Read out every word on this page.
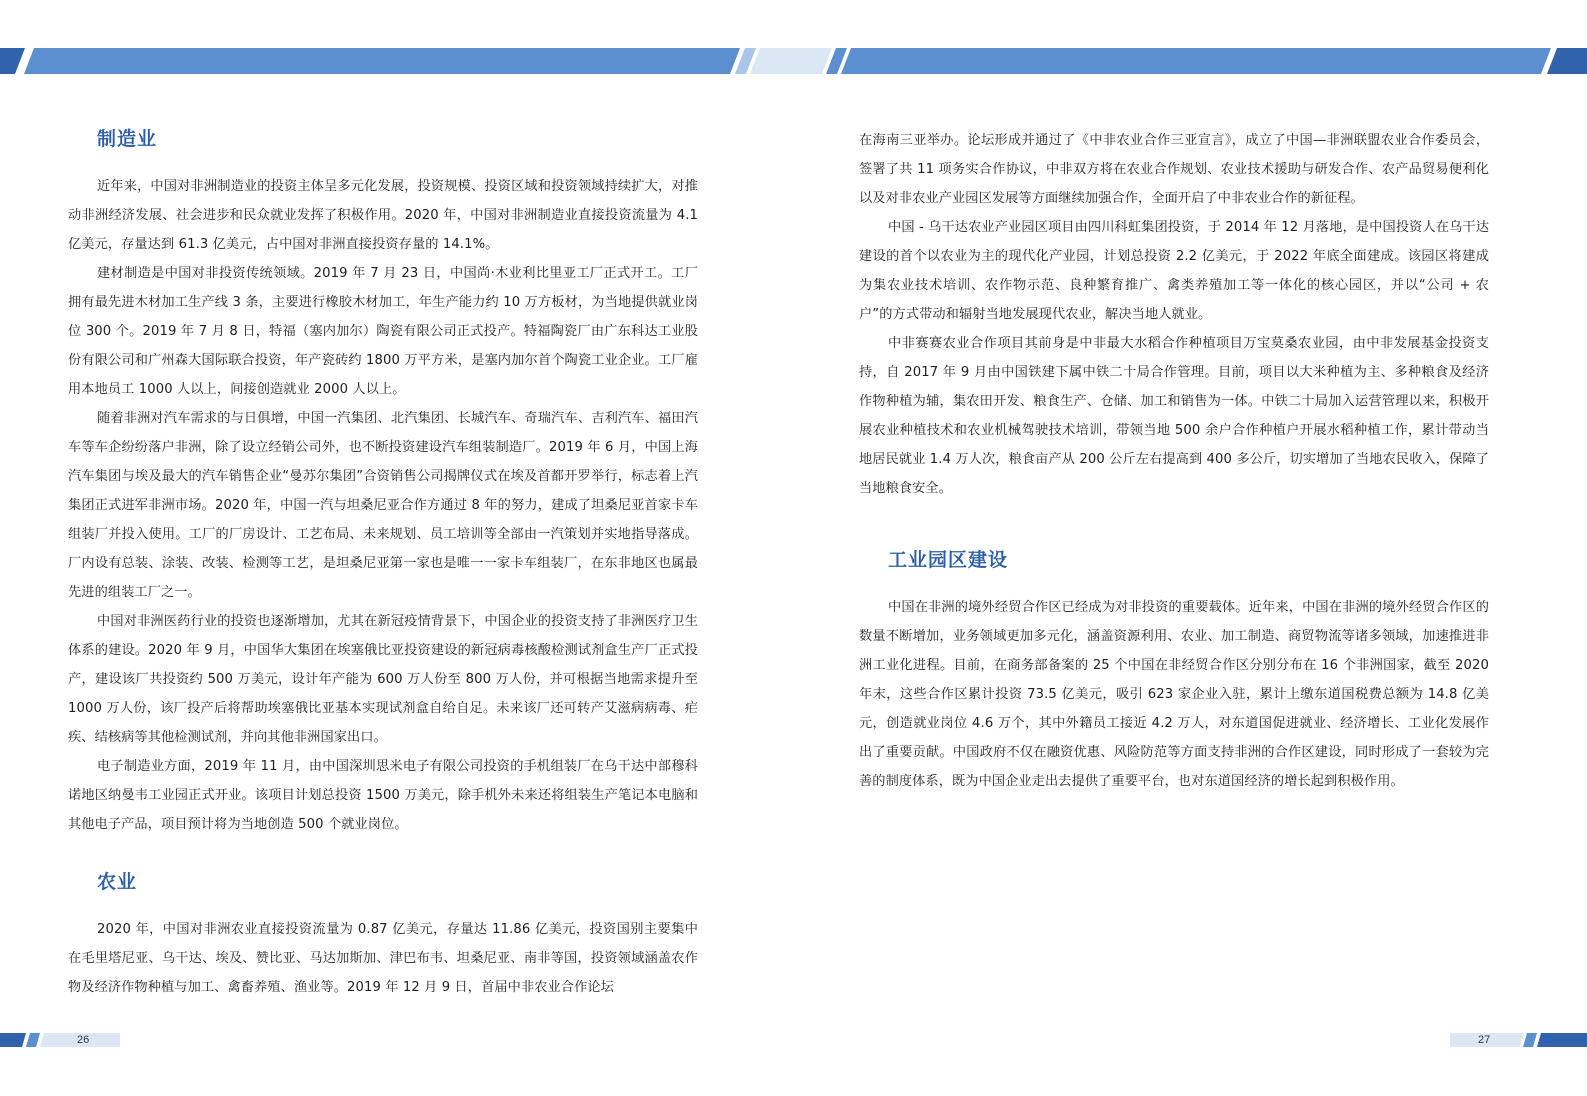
制造业

近年来，中国对非洲制造业的投资主体呈多元化发展，投资规模、投资区域和投资领域持续扩大，对推动非洲经济发展、社会进步和民众就业发挥了积极作用。2020 年，中国对非洲制造业直接投资流量为 4.1 亿美元，存量达到 61.3 亿美元，占中国对非洲直接投资存量的 14.1%。

建材制造是中国对非投资传统领域。2019 年 7 月 23 日，中国尚·木业利比里亚工厂正式开工。工厂拥有最先进木材加工生产线 3 条，主要进行橡胶木材加工，年生产能力约 10 万方板材，为当地提供就业岗位 300 个。2019 年 7 月 8 日，特福（塞内加尔）陶瓷有限公司正式投产。特福陶瓷厂由广东科达工业股份有限公司和广州森大国际联合投资，年产瓷砖约 1800 万平方米，是塞内加尔首个陶瓷工业企业。工厂雇用本地员工 1000 人以上，间接创造就业 2000 人以上。

随着非洲对汽车需求的与日俱增，中国一汽集团、北汽集团、长城汽车、奇瑞汽车、吉利汽车、福田汽车等车企纷纷落户非洲，除了设立经销公司外，也不断投资建设汽车组装制造厂。2019 年 6 月，中国上海汽车集团与埃及最大的汽车销售企业“曼苏尔集团”合资销售公司揭牌仪式在埃及首都开罗举行，标志着上汽集团正式进军非洲市场。2020 年，中国一汽与坦桑尼亚合作方通过 8 年的努力，建成了坦桑尼亚首家卡车组装厂并投入使用。工厂的厂房设计、工艺布局、未来规划、员工培训等全部由一汽策划并实地指导落成。厂内设有总装、涂装、改装、检测等工艺，是坦桑尼亚第一家也是唯一一家卡车组装厂，在东非地区也属最先进的组装工厂之一。

中国对非洲医药行业的投资也逐渐增加，尤其在新冠疫情背景下，中国企业的投资支持了非洲医疗卫生体系的建设。2020 年 9 月，中国华大集团在埃塞俄比亚投资建设的新冠病毒核酸检测试剂盒生产厂正式投产，建设该厂共投资约 500 万美元，设计年产能为 600 万人份至 800 万人份，并可根据当地需求提升至 1000 万人份，该厂投产后将帮助埃塞俄比亚基本实现试剂盒自给自足。未来该厂还可转产艾滋病病毒、疟疾、结核病等其他检测试剂，并向其他非洲国家出口。

电子制造业方面，2019 年 11 月，由中国深圳思米电子有限公司投资的手机组装厂在乌干达中部穆科诺地区纳曼韦工业园正式开业。该项目计划总投资 1500 万美元，除手机外未来还将组装生产笔记本电脑和其他电子产品，项目预计将为当地创造 500 个就业岗位。

农业

2020 年，中国对非洲农业直接投资流量为 0.87 亿美元，存量达 11.86 亿美元，投资国别主要集中在毛里塔尼亚、乌干达、埃及、赞比亚、马达加斯加、津巴布韦、坦桑尼亚、南非等国，投资领域涵盖农作物及经济作物种植与加工、禽畜养殖、渔业等。2019 年 12 月 9 日，首届中非农业合作论坛

在海南三亚举办。论坛形成并通过了《中非农业合作三亚宣言》，成立了中国—非洲联盟农业合作委员会，签署了共 11 项务实合作协议，中非双方将在农业合作规划、农业技术援助与研发合作、农产品贸易便利化以及对非农业产业园区发展等方面继续加强合作，全面开启了中非农业合作的新征程。

中国 - 乌干达农业产业园区项目由四川科虹集团投资，于 2014 年 12 月落地，是中国投资人在乌干达建设的首个以农业为主的现代化产业园，计划总投资 2.2 亿美元，于 2022 年底全面建成。该园区将建成为集农业技术培训、农作物示范、良种繁育推广、禽类养殖加工等一体化的核心园区，并以“公司 + 农户”的方式带动和辐射当地发展现代农业，解决当地人就业。

中非赛赛农业合作项目其前身是中非最大水稻合作种植项目万宝莫桑农业园，由中非发展基金投资支持，自 2017 年 9 月由中国铁建下属中铁二十局合作管理。目前，项目以大米种植为主、多种粮食及经济作物种植为辅，集农田开发、粮食生产、仓储、加工和销售为一体。中铁二十局加入运营管理以来，积极开展农业种植技术和农业机械驾驶技术培训，带领当地 500 余户合作种植户开展水稻种植工作，累计带动当地居民就业 1.4 万人次，粮食亩产从 200 公斤左右提高到 400 多公斤，切实增加了当地农民收入，保障了当地粮食安全。

工业园区建设

中国在非洲的境外经贸合作区已经成为对非投资的重要载体。近年来，中国在非洲的境外经贸合作区的数量不断增加，业务领域更加多元化，涵盖资源利用、农业、加工制造、商贸物流等诸多领域，加速推进非洲工业化进程。目前，在商务部备案的 25 个中国在非经贸合作区分别分布在 16 个非洲国家，截至 2020 年末，这些合作区累计投资 73.5 亿美元，吸引 623 家企业入驻，累计上缴东道国税费总额为 14.8 亿美元，创造就业岗位 4.6 万个，其中外籍员工接近 4.2 万人，对东道国促进就业、经济增长、工业化发展作出了重要贡献。中国政府不仅在融资优惠、风险防范等方面支持非洲的合作区建设，同时形成了一套较为完善的制度体系，既为中国企业走出去提供了重要平台，也对东道国经济的增长起到积极作用。

26	27
